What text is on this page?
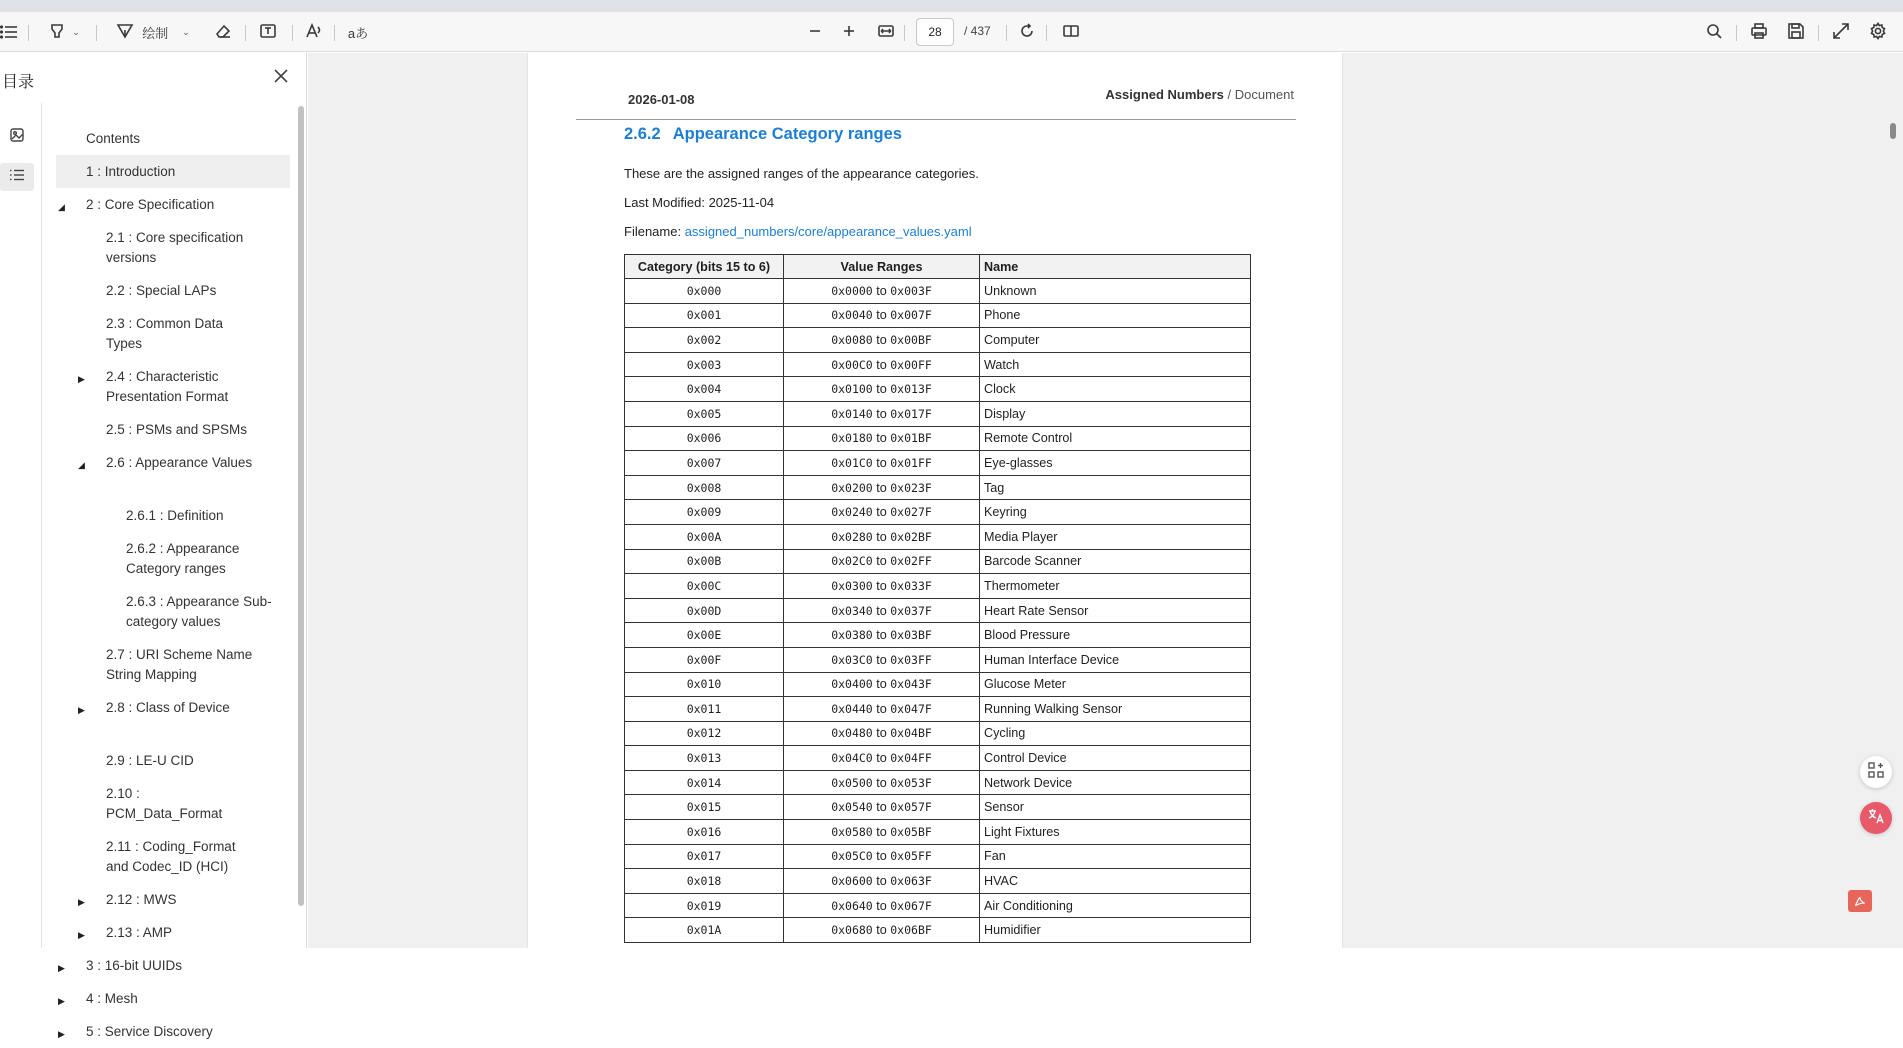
⌄	绘制 ⌄	aあ	28	/ 437
目录
Contents
1 : Introduction
◢ 2 : Core Specification
2.1 : Core specification versions
2.2 : Special LAPs
2.3 : Common Data Types
▶ 2.4 : Characteristic Presentation Format
2.5 : PSMs and SPSMs
◢ 2.6 : Appearance Values
2.6.1 : Definition
2.6.2 : Appearance Category ranges
2.6.3 : Appearance Sub-category values
2.7 : URI Scheme Name String Mapping
▶ 2.8 : Class of Device
2.9 : LE-U CID
2.10 : PCM_Data_Format
2.11 : Coding_Format and Codec_ID (HCI)
▶ 2.12 : MWS
▶ 2.13 : AMP
▶ 3 : 16-bit UUIDs
▶ 4 : Mesh
▶ 5 : Service Discovery
2026-01-08	Assigned Numbers / Document
2.6.2 Appearance Category ranges
These are the assigned ranges of the appearance categories.
Last Modified: 2025-11-04
Filename: assigned_numbers/core/appearance_values.yaml
Category (bits 15 to 6)	Value Ranges	Name
0x000	0x0000 to 0x003F	Unknown
0x001	0x0040 to 0x007F	Phone
0x002	0x0080 to 0x00BF	Computer
0x003	0x00C0 to 0x00FF	Watch
0x004	0x0100 to 0x013F	Clock
0x005	0x0140 to 0x017F	Display
0x006	0x0180 to 0x01BF	Remote Control
0x007	0x01C0 to 0x01FF	Eye-glasses
0x008	0x0200 to 0x023F	Tag
0x009	0x0240 to 0x027F	Keyring
0x00A	0x0280 to 0x02BF	Media Player
0x00B	0x02C0 to 0x02FF	Barcode Scanner
0x00C	0x0300 to 0x033F	Thermometer
0x00D	0x0340 to 0x037F	Heart Rate Sensor
0x00E	0x0380 to 0x03BF	Blood Pressure
0x00F	0x03C0 to 0x03FF	Human Interface Device
0x010	0x0400 to 0x043F	Glucose Meter
0x011	0x0440 to 0x047F	Running Walking Sensor
0x012	0x0480 to 0x04BF	Cycling
0x013	0x04C0 to 0x04FF	Control Device
0x014	0x0500 to 0x053F	Network Device
0x015	0x0540 to 0x057F	Sensor
0x016	0x0580 to 0x05BF	Light Fixtures
0x017	0x05C0 to 0x05FF	Fan
0x018	0x0600 to 0x063F	HVAC
0x019	0x0640 to 0x067F	Air Conditioning
0x01A	0x0680 to 0x06BF	Humidifier
